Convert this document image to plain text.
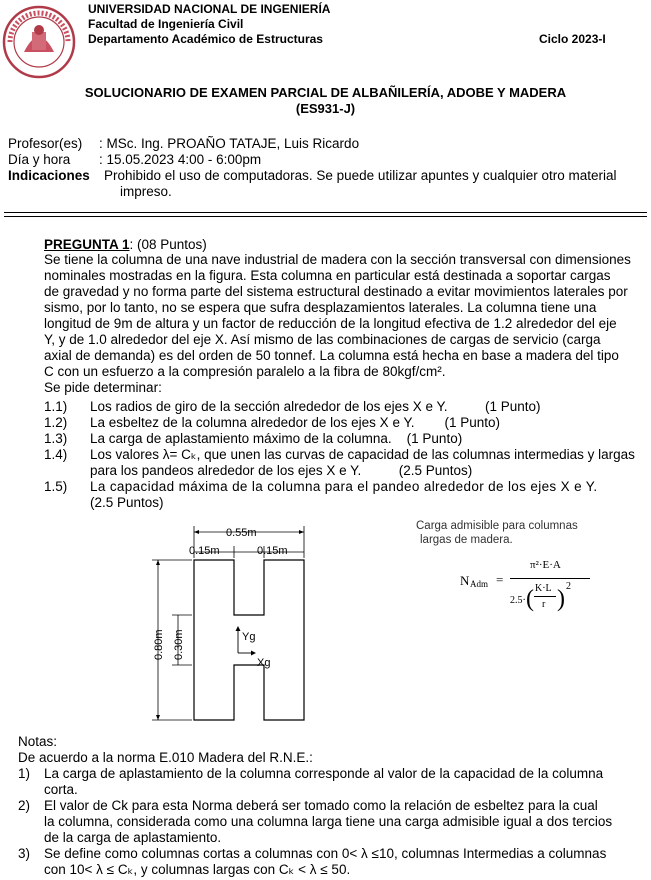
UNIVERSIDAD NACIONAL DE INGENIERÍA
Facultad de Ingeniería Civil
Departamento Académico de Estructuras	Ciclo 2023-I
SOLUCIONARIO DE EXAMEN PARCIAL DE ALBAÑILERÍA, ADOBE Y MADERA
(ES931-J)
Profesor(es) : MSc. Ing. PROAÑO TATAJE, Luis Ricardo
Día y hora : 15.05.2023 4:00 - 6:00pm
Indicaciones Prohibido el uso de computadoras. Se puede utilizar apuntes y cualquier otro material
impreso.
PREGUNTA 1: (08 Puntos)
Se tiene la columna de una nave industrial de madera con la sección transversal con dimensiones
nominales mostradas en la figura. Esta columna en particular está destinada a soportar cargas
de gravedad y no forma parte del sistema estructural destinado a evitar movimientos laterales por
sismo, por lo tanto, no se espera que sufra desplazamientos laterales. La columna tiene una
longitud de 9m de altura y un factor de reducción de la longitud efectiva de 1.2 alrededor del eje
Y, y de 1.0 alrededor del eje X. Así mismo de las combinaciones de cargas de servicio (carga
axial de demanda) es del orden de 50 tonnef. La columna está hecha en base a madera del tipo
C con un esfuerzo a la compresión paralelo a la fibra de 80kgf/cm².
Se pide determinar:
1.1)	Los radios de giro de la sección alrededor de los ejes X e Y.          (1 Punto)
1.2)	La esbeltez de la columna alrededor de los ejes X e Y.        (1 Punto)
1.3)	La carga de aplastamiento máximo de la columna.    (1 Punto)
1.4)	Los valores λ= Cₖ, que unen las curvas de capacidad de las columnas intermedias y largas
para los pandeos alrededor de los ejes X e Y.          (2.5 Puntos)
1.5)	La capacidad máxima de la columna para el pandeo alrededor de los ejes X e Y.
(2.5 Puntos)
0.55m
0.15m	0.15m
0.80m 0.30m	Yg
Xg
Carga admisible para columnas
largas de madera.
N Adm =
π²·E·A
2.5· ( K·L
r ) 2
Notas:
De acuerdo a la norma E.010 Madera del R.N.E.:
1) La carga de aplastamiento de la columna corresponde al valor de la capacidad de la columna
corta.
2) El valor de Ck para esta Norma deberá ser tomado como la relación de esbeltez para la cual
la columna, considerada como una columna larga tiene una carga admisible igual a dos tercios
de la carga de aplastamiento.
3) Se define como columnas cortas a columnas con 0< λ ≤10, columnas Intermedias a columnas
con 10< λ ≤ Cₖ, y columnas largas con Cₖ < λ ≤ 50.
